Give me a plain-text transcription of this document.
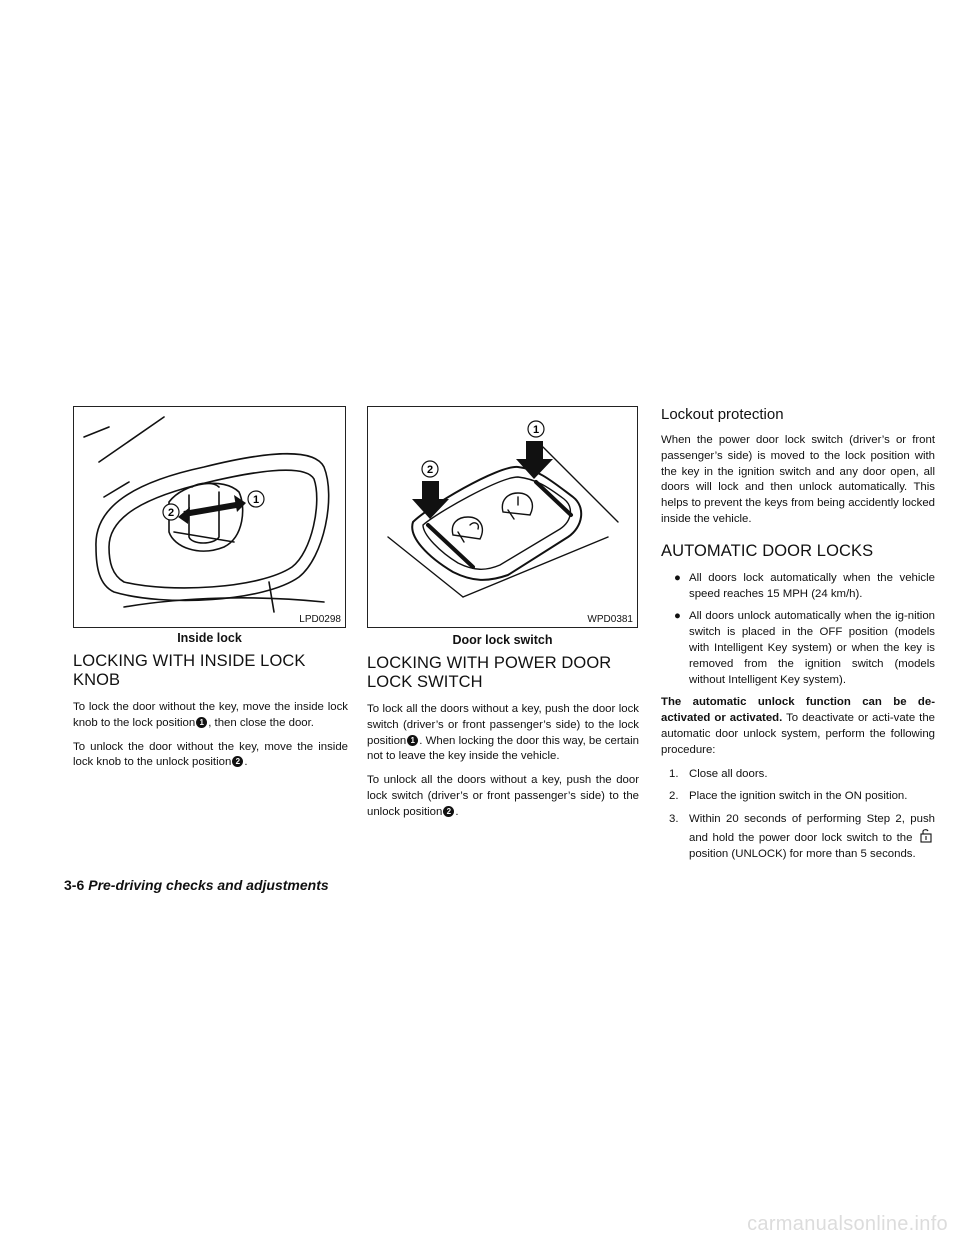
1
2
LPD0298
Inside lock
1
2
WPD0381
Door lock switch
LOCKING WITH INSIDE LOCK KNOB

To lock the door without the key, move the inside lock knob to the lock position 1 , then close the door.

To unlock the door without the key, move the inside lock knob to the unlock position 2 .

LOCKING WITH POWER DOOR LOCK SWITCH

To lock all the doors without a key, push the door lock switch (driver’s or front passenger’s side) to the lock position 1 . When locking the door this way, be certain not to leave the key inside the vehicle.

To unlock all the doors without a key, push the door lock switch (driver’s or front passenger’s side) to the unlock position 2 .

Lockout protection

When the power door lock switch (driver’s or front passenger’s side) is moved to the lock position with the key in the ignition switch and any door open, all doors will lock and then unlock automatically. This helps to prevent the keys from being accidently locked inside the vehicle.

AUTOMATIC DOOR LOCKS
● All doors lock automatically when the vehicle speed reaches 15 MPH (24 km/h).
● All doors unlock automatically when the ig-nition switch is placed in the OFF position (models with Intelligent Key system) or when the key is removed from the ignition switch (models without Intelligent Key system).

The automatic unlock function can be de-activated or activated. To deactivate or acti-vate the automatic door unlock system, perform the following procedure:

1. Close all doors.
2. Place the ignition switch in the ON position.
3. Within 20 seconds of performing Step 2, push and hold the power door lock switch to the position (UNLOCK) for more than 5 seconds.
3-6 Pre-driving checks and adjustments
carmanualsonline.info
